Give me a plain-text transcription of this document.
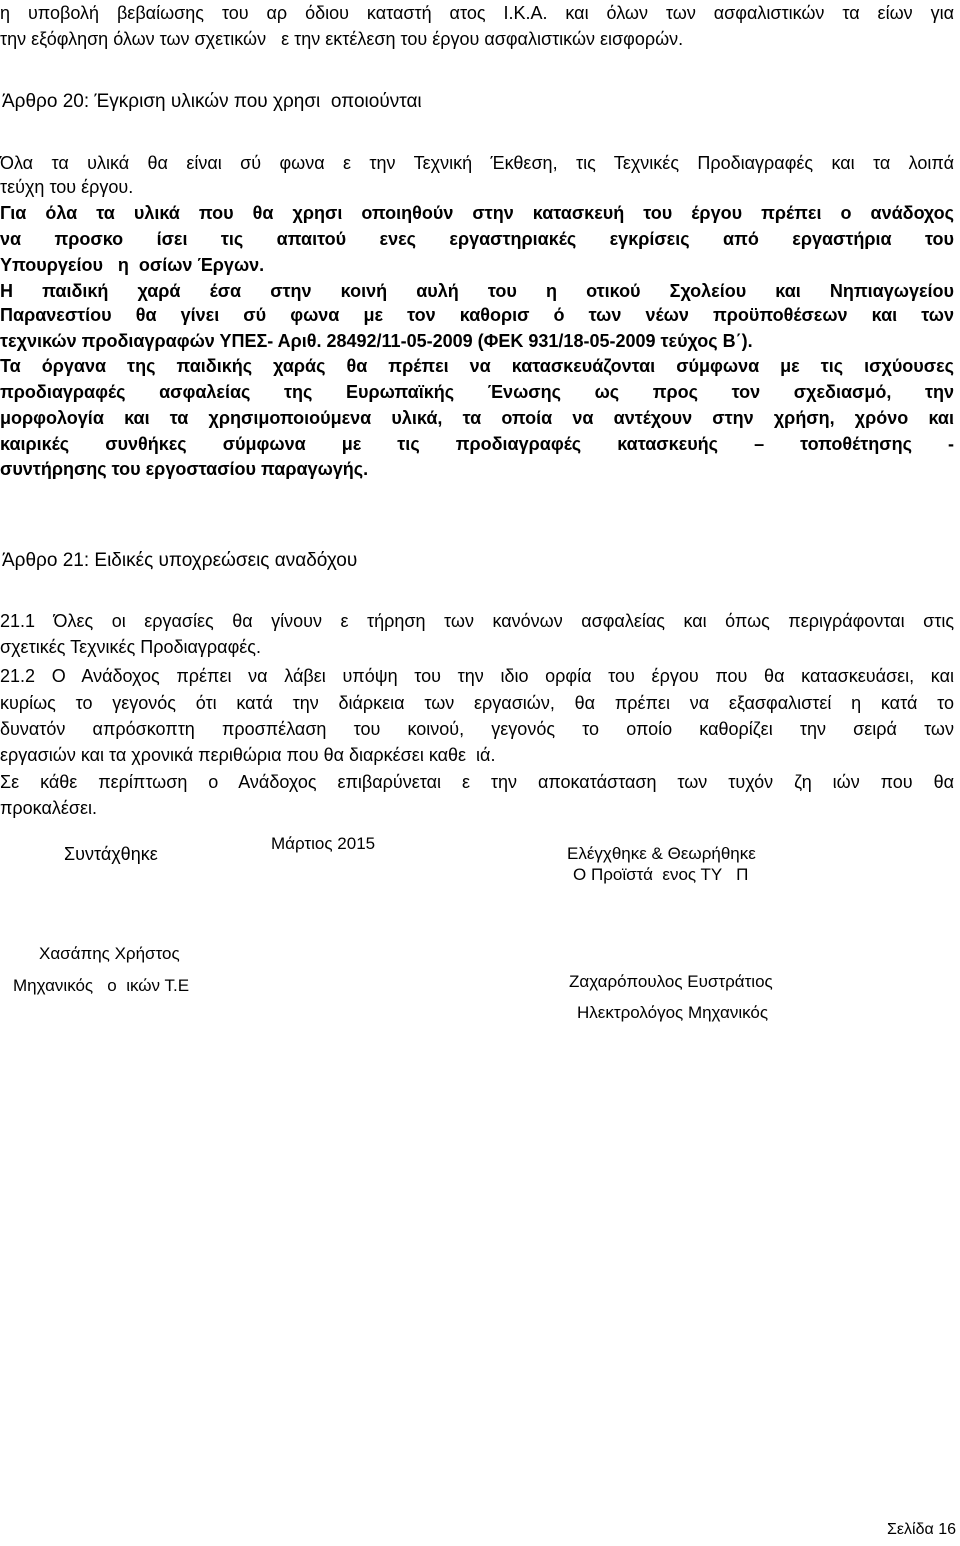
η υποβολή βεβαίωσης του αρ όδιου καταστή ατος Ι.Κ.Α. και όλων των ασφαλιστικών τα είων για
την εξόφληση όλων των σχετικών   ε την εκτέλεση του έργου ασφαλιστικών εισφορών.
Άρθρο 20: Έγκριση υλικών που χρησι  οποιούνται
Όλα τα υλικά θα είναι σύ φωνα ε την Τεχνική Έκθεση, τις Τεχνικές Προδιαγραφές και τα λοιπά
τεύχη του έργου.
Για όλα τα υλικά που θα χρησι οποιηθούν στην κατασκευή του έργου πρέπει ο ανάδοχος
να προσκο ίσει τις απαιτού ενες εργαστηριακές εγκρίσεις από εργαστήρια του
Υπουργείου   η  οσίων Έργων.
Η παιδική χαρά έσα στην κοινή αυλή του η οτικού Σχολείου και Νηπιαγωγείου
Παρανεστίου θα γίνει σύ φωνα με τον καθορισ ό των νέων προϋποθέσεων και των
τεχνικών προδιαγραφών ΥΠΕΣ- Αριθ. 28492/11-05-2009 (ΦΕΚ 931/18-05-2009 τεύχος Β΄).
Τα όργανα της παιδικής χαράς θα πρέπει να κατασκευάζονται σύμφωνα με τις ισχύουσες
προδιαγραφές ασφαλείας της Ευρωπαϊκής Ένωσης ως προς τον σχεδιασμό, την
μορφολογία και τα χρησιμοποιούμενα υλικά, τα οποία να αντέχουν στην χρήση, χρόνο και
καιρικές συνθήκες σύμφωνα με τις προδιαγραφές κατασκευής – τοποθέτησης -
συντήρησης του εργοστασίου παραγωγής.
Άρθρο 21: Ειδικές υποχρεώσεις αναδόχου
21.1 Όλες οι εργασίες θα γίνουν ε τήρηση των κανόνων ασφαλείας και όπως περιγράφονται στις
σχετικές Τεχνικές Προδιαγραφές.
21.2 Ο Ανάδοχος πρέπει να λάβει υπόψη του την ιδιο ορφία του έργου που θα κατασκευάσει, και
κυρίως το γεγονός ότι κατά την διάρκεια των εργασιών, θα πρέπει να εξασφαλιστεί η κατά το
δυνατόν απρόσκοπτη προσπέλαση του κοινού, γεγονός το οποίο καθορίζει την σειρά των
εργασιών και τα χρονικά περιθώρια που θα διαρκέσει καθε  ιά.
Σε κάθε περίπτωση ο Ανάδοχος επιβαρύνεται ε την αποκατάσταση των τυχόν ζη ιών που θα
προκαλέσει.
Συντάχθηκε
Μάρτιος 2015
Ελέγχθηκε & Θεωρήθηκε
Ο Προϊστά  ενος ΤΥ   Π
Χασάπης Χρήστος
Μηχανικός   ο  ικών Τ.Ε	Ζαχαρόπουλος Ευστράτιος
Ηλεκτρολόγος Μηχανικός
Σελίδα 16
